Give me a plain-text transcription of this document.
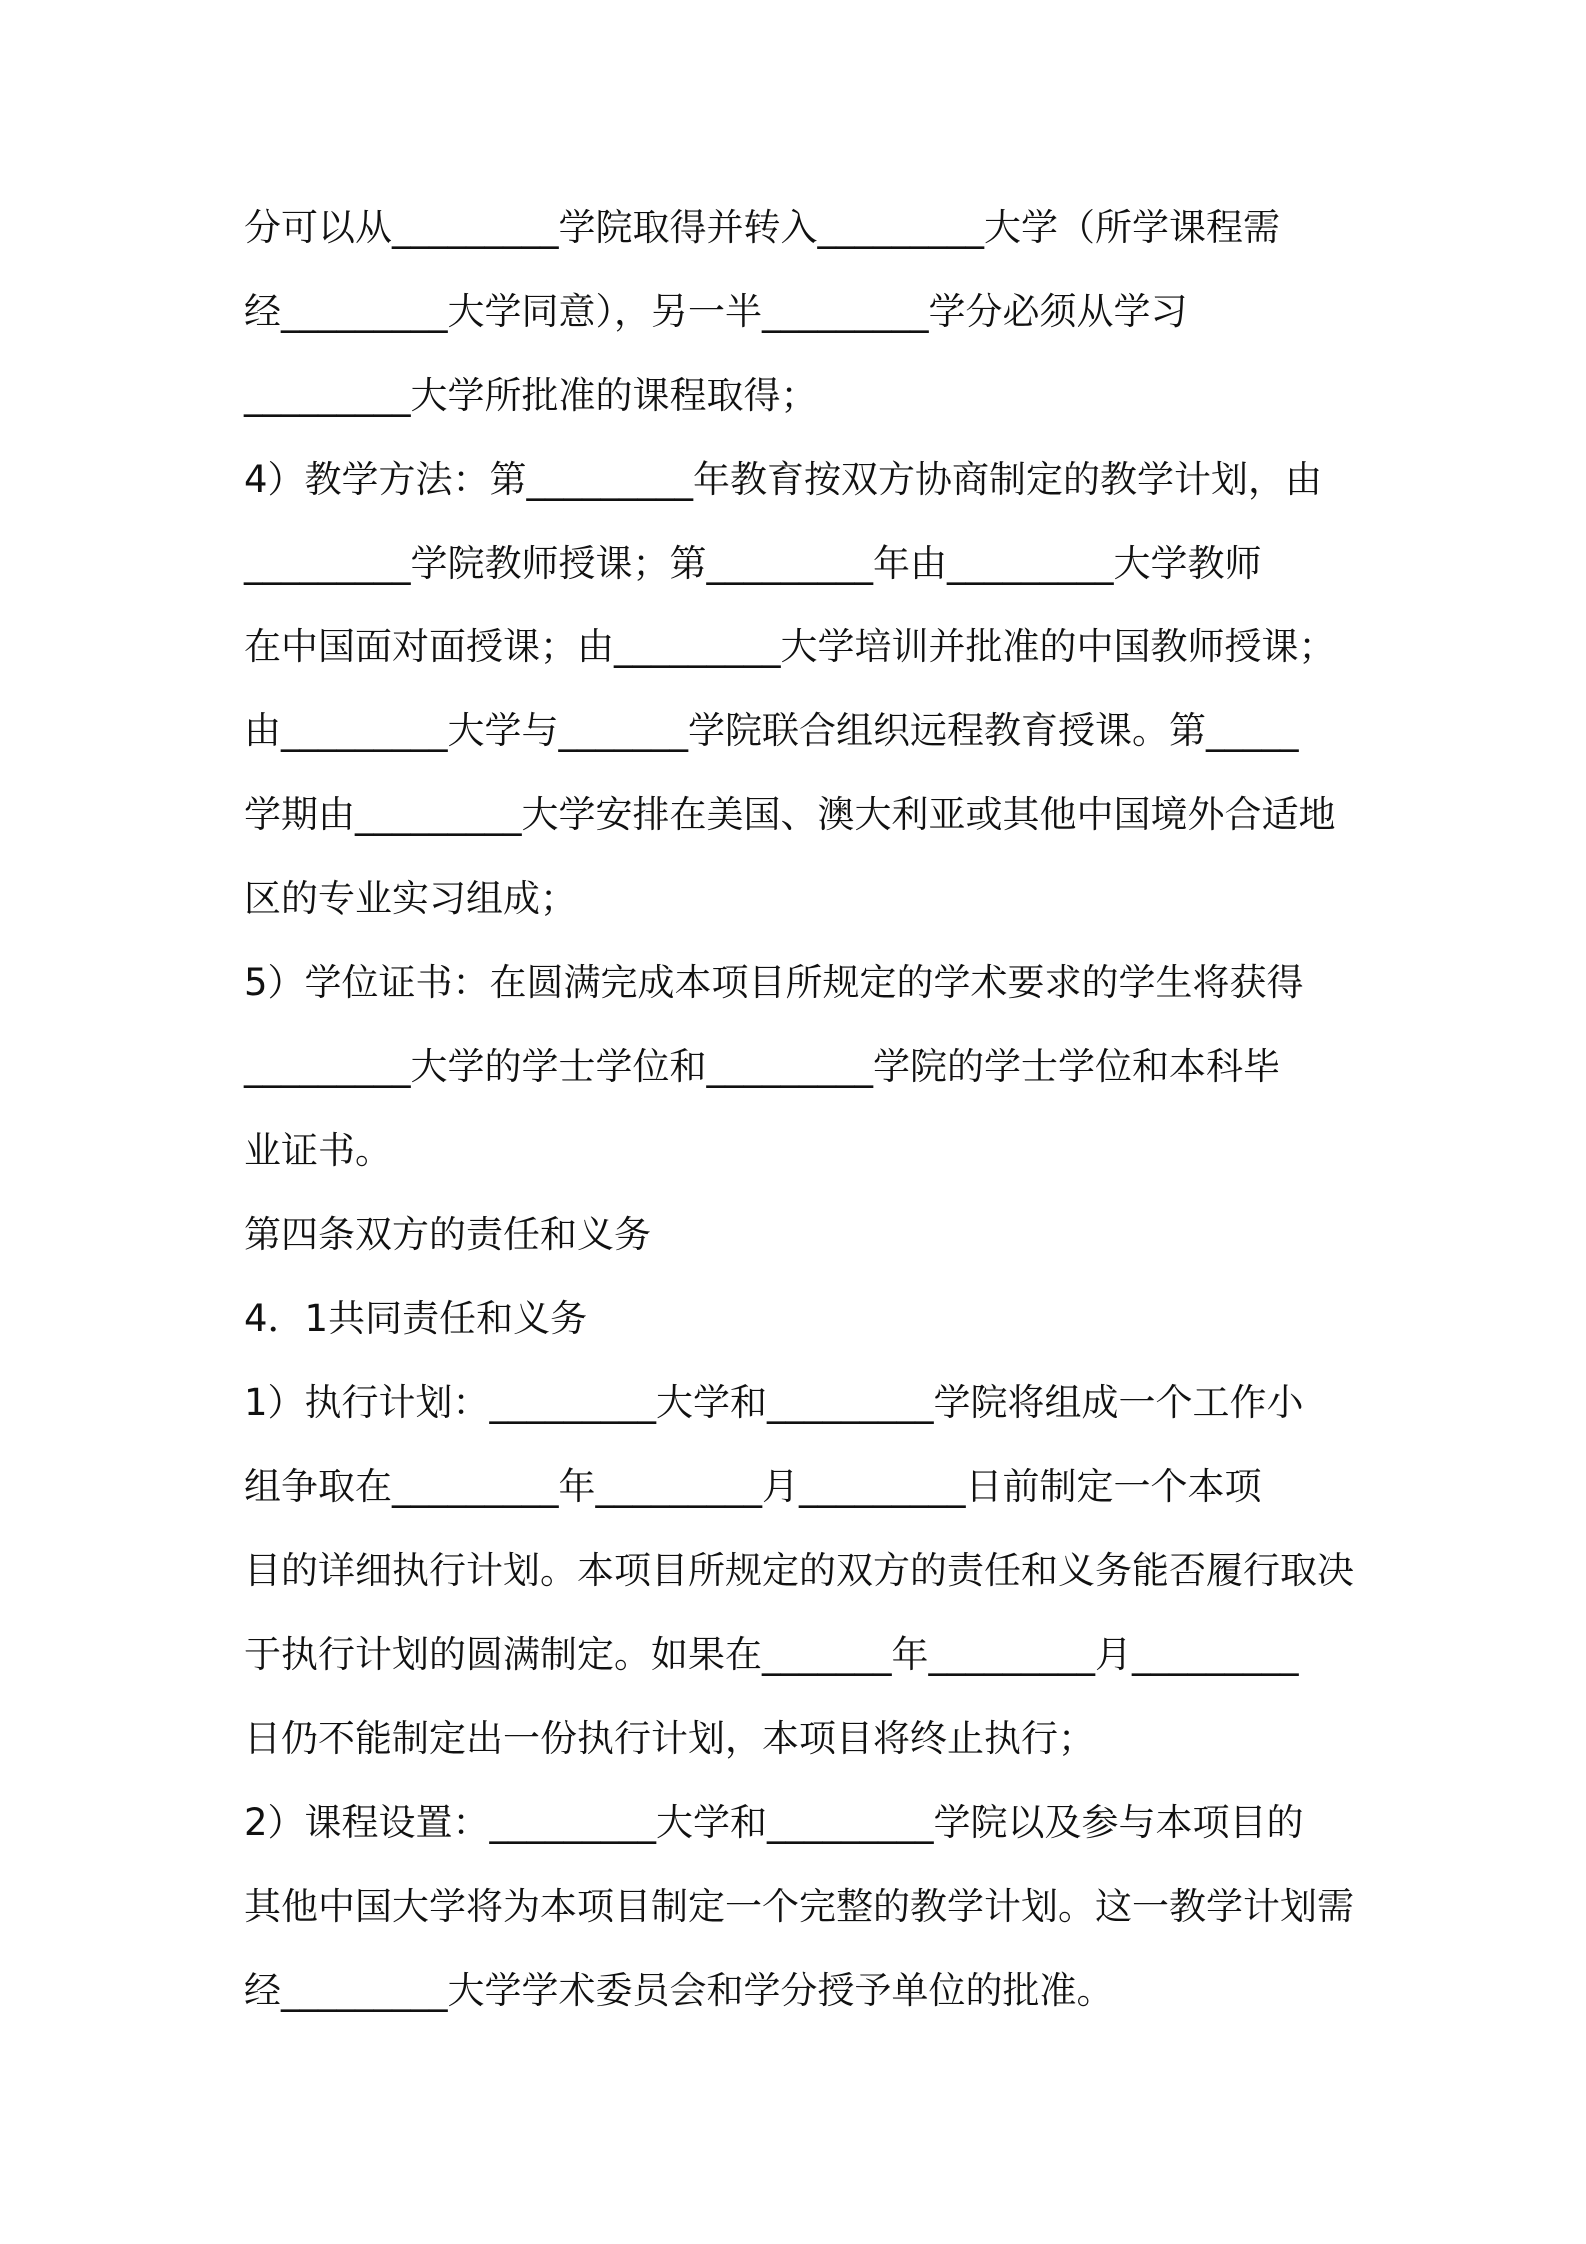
分可以从_________学院取得并转入_________大学（所学课程需
经_________大学同意），另一半_________学分必须从学习
_________大学所批准的课程取得；
4）教学方法：第_________年教育按双方协商制定的教学计划，由
_________学院教师授课；第_________年由_________大学教师
在中国面对面授课；由_________大学培训并批准的中国教师授课；
由_________大学与_______学院联合组织远程教育授课。第_____
学期由_________大学安排在美国、澳大利亚或其他中国境外合适地
区的专业实习组成；
5）学位证书：在圆满完成本项目所规定的学术要求的学生将获得
_________大学的学士学位和_________学院的学士学位和本科毕
业证书。
第四条双方的责任和义务
4．1共同责任和义务
1）执行计划：_________大学和_________学院将组成一个工作小
组争取在_________年_________月_________日前制定一个本项
目的详细执行计划。本项目所规定的双方的责任和义务能否履行取决
于执行计划的圆满制定。如果在_______年_________月_________
日仍不能制定出一份执行计划，本项目将终止执行；
2）课程设置：_________大学和_________学院以及参与本项目的
其他中国大学将为本项目制定一个完整的教学计划。这一教学计划需
经_________大学学术委员会和学分授予单位的批准。
